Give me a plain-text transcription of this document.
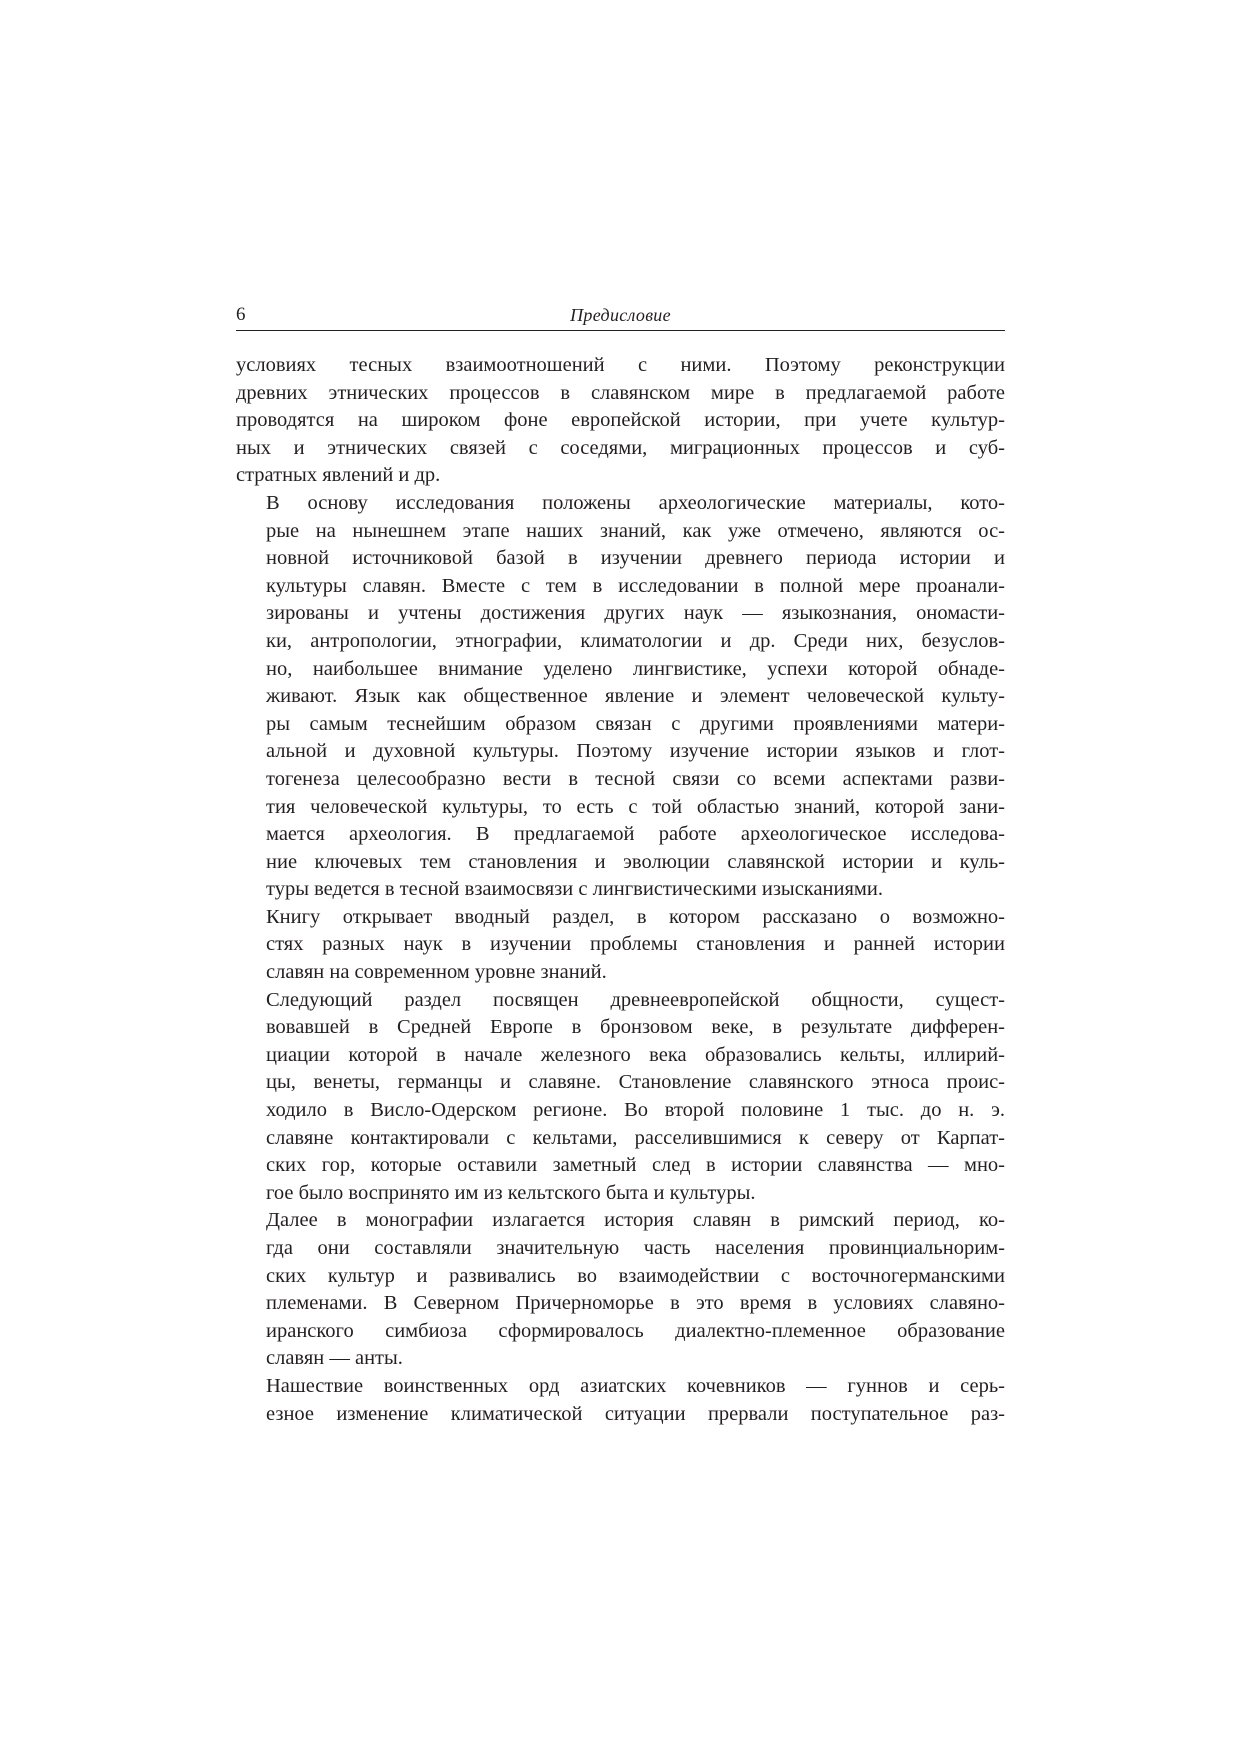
6	Предисловие

условиях тесных взаимоотношений с ними. Поэтому реконструкции
древних этнических процессов в славянском мире в предлагаемой работе
проводятся на широком фоне европейской истории, при учете культур-
ных и этнических связей с соседями, миграционных процессов и суб-
стратных явлений и др.

В основу исследования положены археологические материалы, кото-
рые на нынешнем этапе наших знаний, как уже отмечено, являются ос-
новной источниковой базой в изучении древнего периода истории и
культуры славян. Вместе с тем в исследовании в полной мере проанали-
зированы и учтены достижения других наук — языкознания, ономасти-
ки, антропологии, этнографии, климатологии и др. Среди них, безуслов-
но, наибольшее внимание уделено лингвистике, успехи которой обнаде-
живают. Язык как общественное явление и элемент человеческой культу-
ры самым теснейшим образом связан с другими проявлениями матери-
альной и духовной культуры. Поэтому изучение истории языков и глот-
тогенеза целесообразно вести в тесной связи со всеми аспектами разви-
тия человеческой культуры, то есть с той областью знаний, которой зани-
мается археология. В предлагаемой работе археологическое исследова-
ние ключевых тем становления и эволюции славянской истории и куль-
туры ведется в тесной взаимосвязи с лингвистическими изысканиями.

Книгу открывает вводный раздел, в котором рассказано о возможно-
стях разных наук в изучении проблемы становления и ранней истории
славян на современном уровне знаний.

Следующий раздел посвящен древнеевропейской общности, сущест-
вовавшей в Средней Европе в бронзовом веке, в результате дифферен-
циации которой в начале железного века образовались кельты, иллирий-
цы, венеты, германцы и славяне. Становление славянского этноса проис-
ходило в Висло-Одерском регионе. Во второй половине 1 тыс. до н. э.
славяне контактировали с кельтами, расселившимися к северу от Карпат-
ских гор, которые оставили заметный след в истории славянства — мно-
гое было воспринято им из кельтского быта и культуры.

Далее в монографии излагается история славян в римский период, ко-
гда они составляли значительную часть населения провинциальнорим-
ских культур и развивались во взаимодействии с восточногерманскими
племенами. В Северном Причерноморье в это время в условиях славяно-
иранского симбиоза сформировалось диалектно-племенное образование
славян — анты.

Нашествие воинственных орд азиатских кочевников — гуннов и серь-
езное изменение климатической ситуации прервали поступательное раз-
